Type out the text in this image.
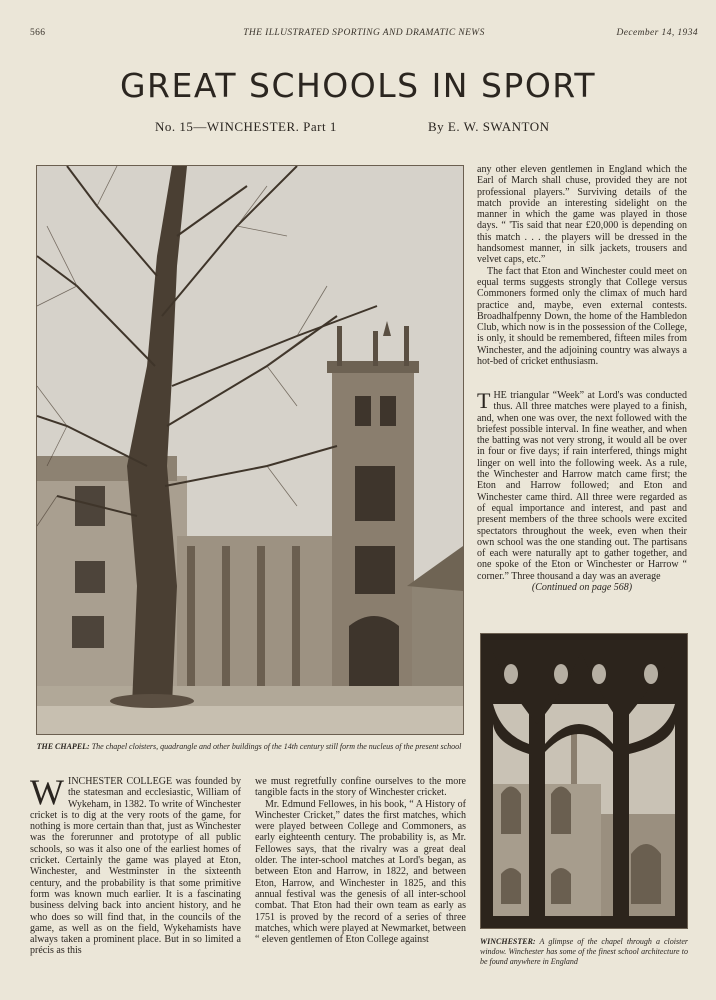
566	THE ILLUSTRATED SPORTING AND DRAMATIC NEWS	December 14, 1934
GREAT SCHOOLS IN SPORT
No. 15—WINCHESTER. Part 1	By E. W. SWANTON
THE CHAPEL: The chapel cloisters, quadrangle and other buildings of the 14th century still form the nucleus of the present school
WINCHESTER: A glimpse of the chapel through a cloister window. Winchester has some of the finest school architecture to be found anywhere in England

WINCHESTER COLLEGE was founded by the statesman and ecclesiastic, William of Wykeham, in 1382. To write of Winchester cricket is to dig at the very roots of the game, for nothing is more certain than that, just as Winchester was the forerunner and prototype of all public schools, so was it also one of the earliest homes of cricket. Certainly the game was played at Eton, Winchester, and Westminster in the sixteenth century, and the probability is that some primitive form was known much earlier. It is a fascinating business delving back into ancient history, and he who does so will find that, in the councils of the game, as well as on the field, Wykehamists have always taken a prominent place. But in so limited a précis as this

we must regretfully confine ourselves to the more tangible facts in the story of Winchester cricket.

Mr. Edmund Fellowes, in his book, “ A History of Winchester Cricket,” dates the first matches, which were played between College and Commoners, as early eighteenth century. The probability is, as Mr. Fellowes says, that the rivalry was a great deal older. The inter-school matches at Lord's began, as between Eton and Harrow, in 1822, and between Eton, Harrow, and Winchester in 1825, and this annual festival was the genesis of all inter-school combat. That Eton had their own team as early as 1751 is proved by the record of a series of three matches, which were played at Newmarket, between “ eleven gentlemen of Eton College against

any other eleven gentlemen in England which the Earl of March shall chuse, provided they are not professional players.” Surviving details of the match provide an interesting sidelight on the manner in which the game was played in those days. “ 'Tis said that near £20,000 is depending on this match . . . the players will be dressed in the handsomest manner, in silk jackets, trousers and velvet caps, etc.”

The fact that Eton and Winchester could meet on equal terms suggests strongly that College versus Commoners formed only the climax of much hard practice and, maybe, even external contests. Broadhalfpenny Down, the home of the Hambledon Club, which now is in the possession of the College, is only, it should be remembered, fifteen miles from Winchester, and the adjoining country was always a hot-bed of cricket enthusiasm.

THE triangular “Week” at Lord's was conducted thus. All three matches were played to a finish, and, when one was over, the next followed with the briefest possible interval. In fine weather, and when the batting was not very strong, it would all be over in four or five days; if rain interfered, things might linger on well into the following week. As a rule, the Winchester and Harrow match came first; the Eton and Harrow followed; and Eton and Winchester came third. All three were regarded as of equal importance and interest, and past and present members of the three schools were excited spectators throughout the week, even when their own school was the one standing out. The partisans of each were naturally apt to gather together, and one spoke of the Eton or Winchester or Harrow “ corner.” Three thousand a day was an average

(Continued on page 568)
